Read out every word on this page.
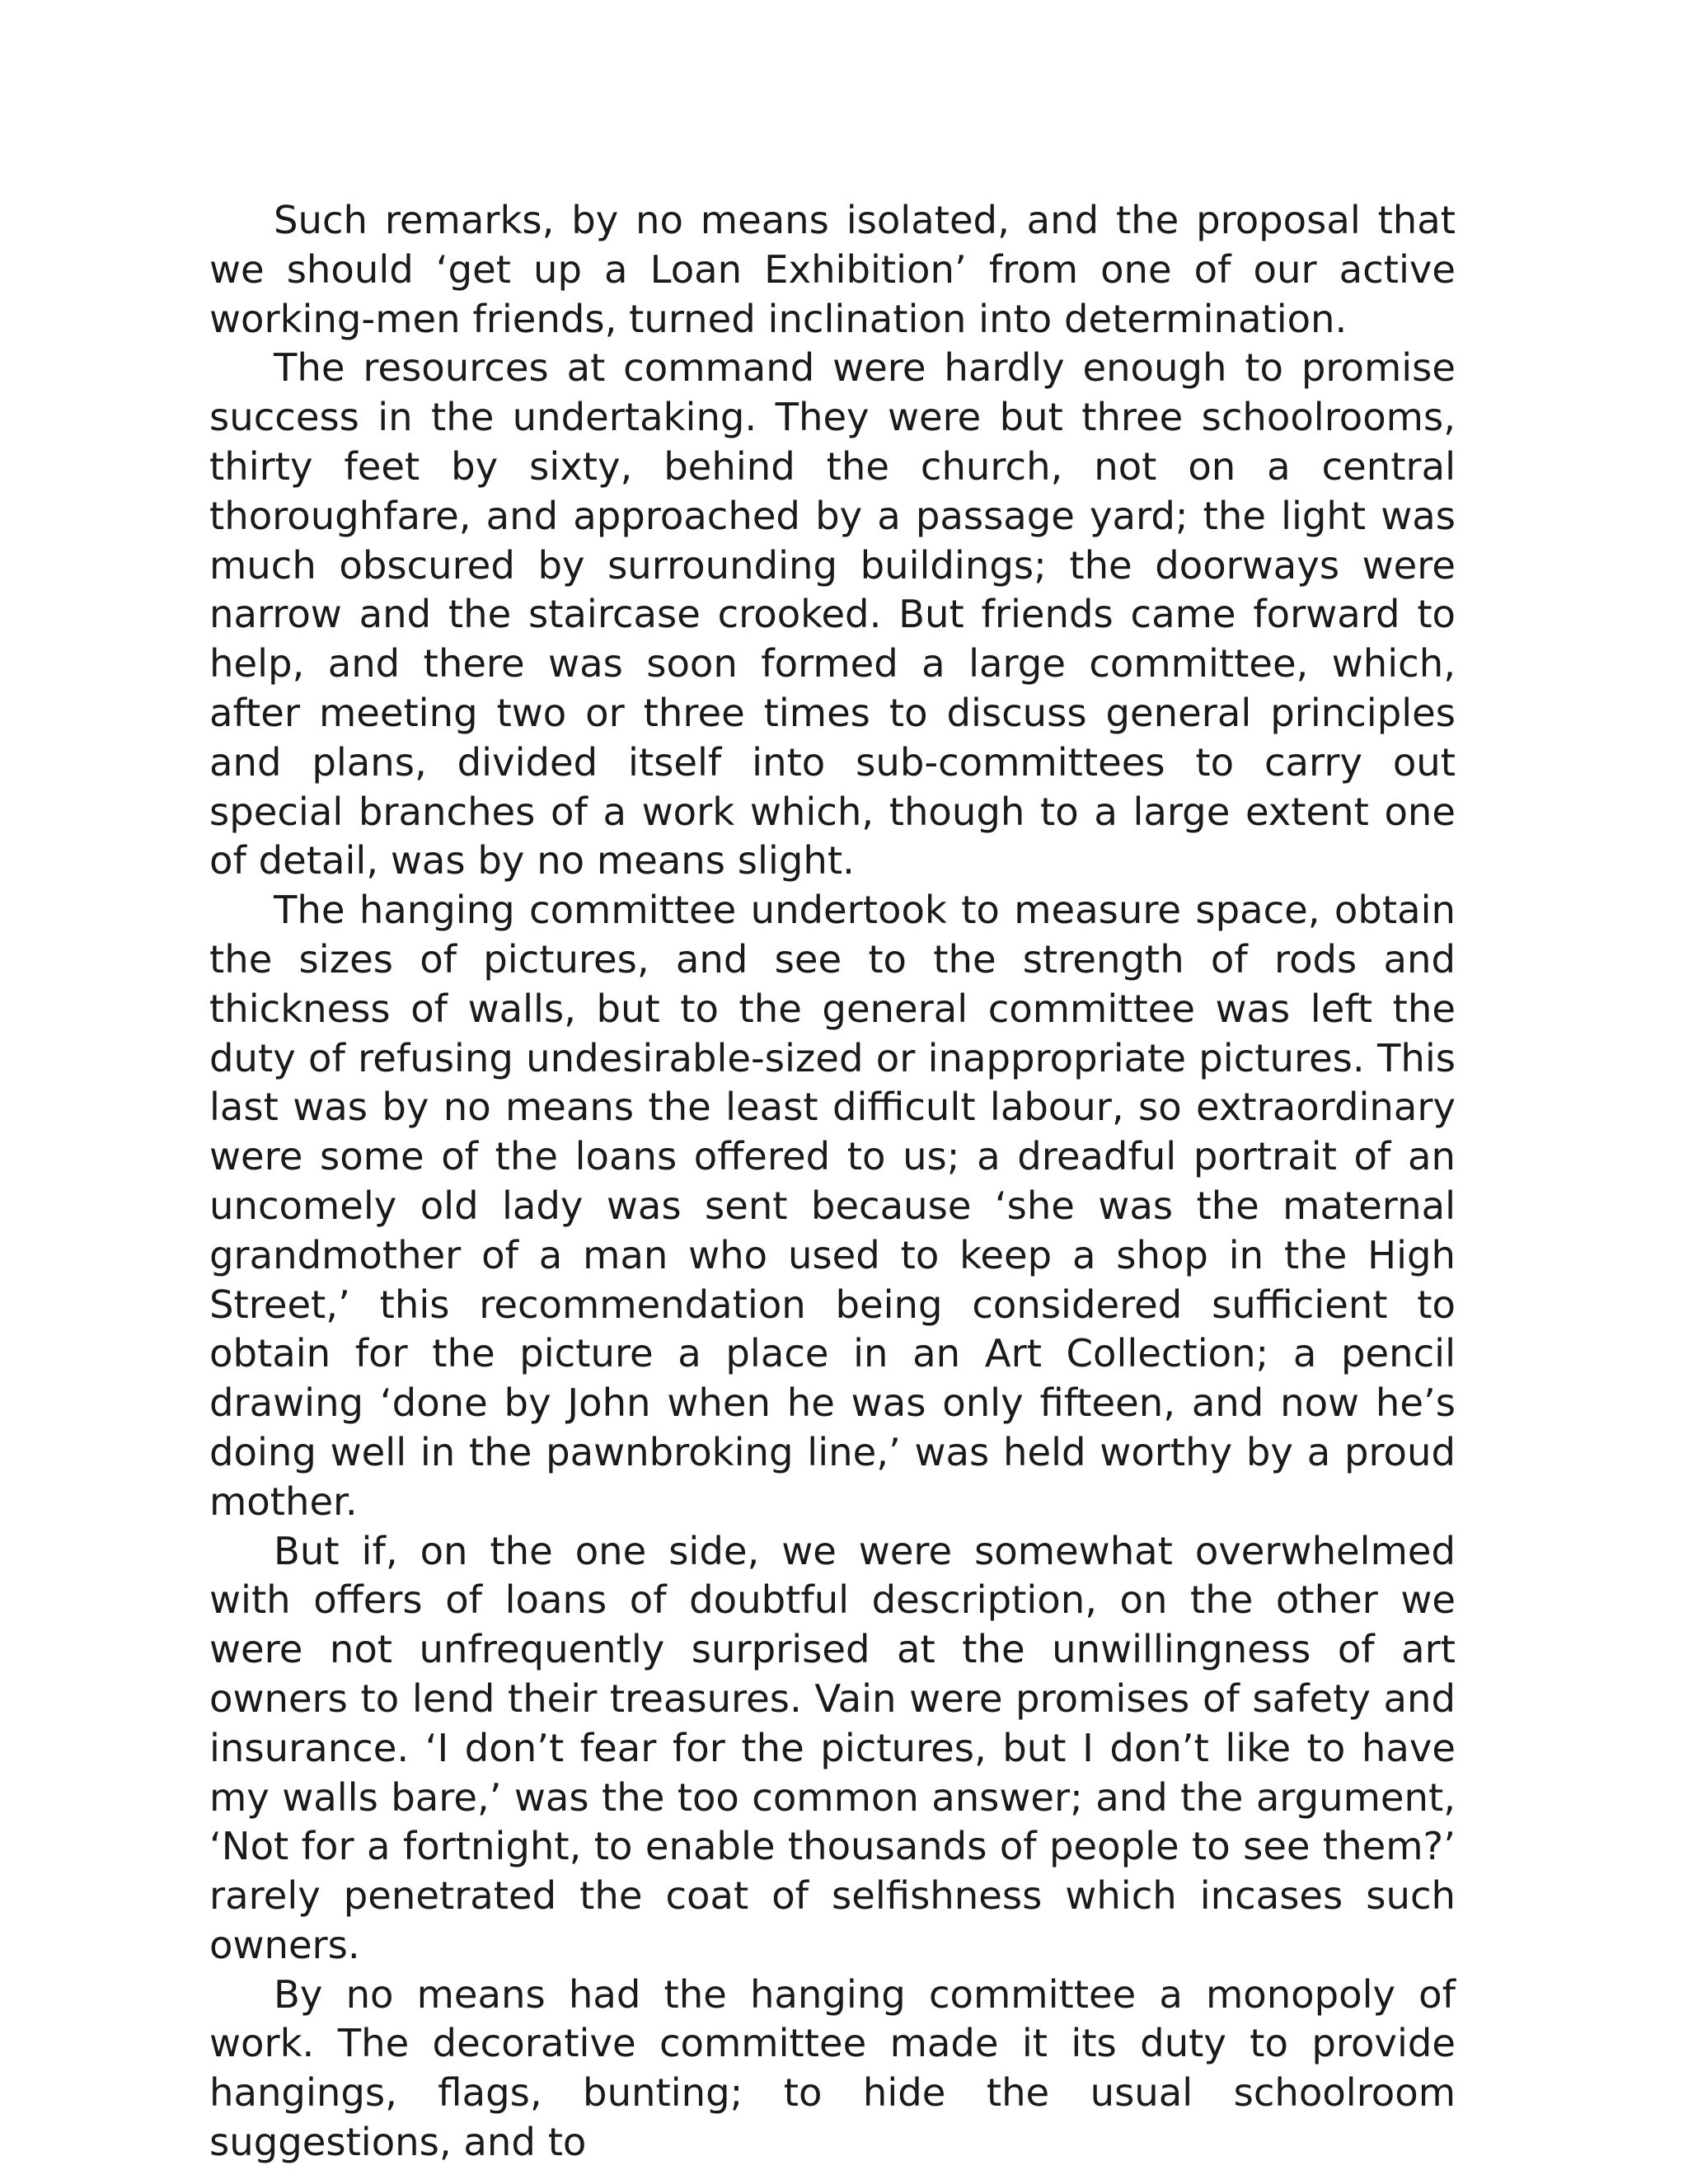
Such remarks, by no means isolated, and the proposal that we should ‘get up a Loan Exhibition’ from one of our active working-men friends, turned inclination into determination.

The resources at command were hardly enough to promise success in the undertaking. They were but three schoolrooms, thirty feet by sixty, behind the church, not on a central thoroughfare, and approached by a passage yard; the light was much obscured by surrounding buildings; the doorways were narrow and the staircase crooked. But friends came forward to help, and there was soon formed a large committee, which, after meeting two or three times to discuss general principles and plans, divided itself into sub-committees to carry out special branches of a work which, though to a large extent one of detail, was by no means slight.

The hanging committee undertook to measure space, obtain the sizes of pictures, and see to the strength of rods and thickness of walls, but to the general committee was left the duty of refusing undesirable-sized or inappropriate pictures. This last was by no means the least difficult labour, so extraordinary were some of the loans offered to us; a dreadful portrait of an uncomely old lady was sent because ‘she was the maternal grandmother of a man who used to keep a shop in the High Street,’ this recommendation being considered sufficient to obtain for the picture a place in an Art Collection; a pencil drawing ‘done by John when he was only fifteen, and now he’s doing well in the pawnbroking line,’ was held worthy by a proud mother.

But if, on the one side, we were somewhat overwhelmed with offers of loans of doubtful description, on the other we were not unfrequently surprised at the unwillingness of art owners to lend their treasures. Vain were promises of safety and insurance. ‘I don’t fear for the pictures, but I don’t like to have my walls bare,’ was the too common answer; and the argument, ‘Not for a fortnight, to enable thousands of people to see them?’ rarely penetrated the coat of selfishness which incases such owners.

By no means had the hanging committee a monopoly of work. The decorative committee made it its duty to provide hangings, flags, bunting; to hide the usual schoolroom suggestions, and to
